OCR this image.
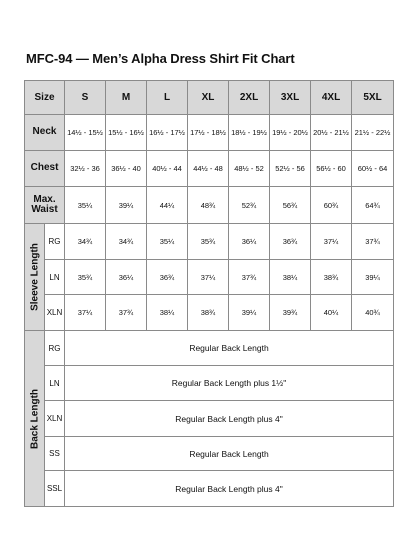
MFC-94 — Men’s Alpha Dress Shirt Fit Chart
Size		S	M	L	XL	2XL	3XL	4XL	5XL
Neck		14½ - 15½	15½ - 16½	16½ - 17½	17½ - 18½	18½ - 19½	19½ - 20½	20½ - 21½	21½ - 22½
Chest		32½ - 36	36½ - 40	40½ - 44	44½ - 48	48½ - 52	52½ - 56	56½ - 60	60½ - 64
Max. Waist		35¼	39¼	44¼	48¾	52¾	56¾	60¾	64¾

Sleeve Length	RG	34¾	34¾	35¼	35¾	36¼	36¾	37¼	37¾
	LN	35¾	36¼	36¾	37¼	37¾	38¼	38¾	39¼
	XLN	37¼	37¾	38¼	38¾	39¼	39¾	40¼	40¾

Back Length	RG	Regular Back Length							
	LN	Regular Back Length plus 1½"							
	XLN	Regular Back Length plus 4"							
	SS	Regular Back Length							
	SSL	Regular Back Length plus 4"							
